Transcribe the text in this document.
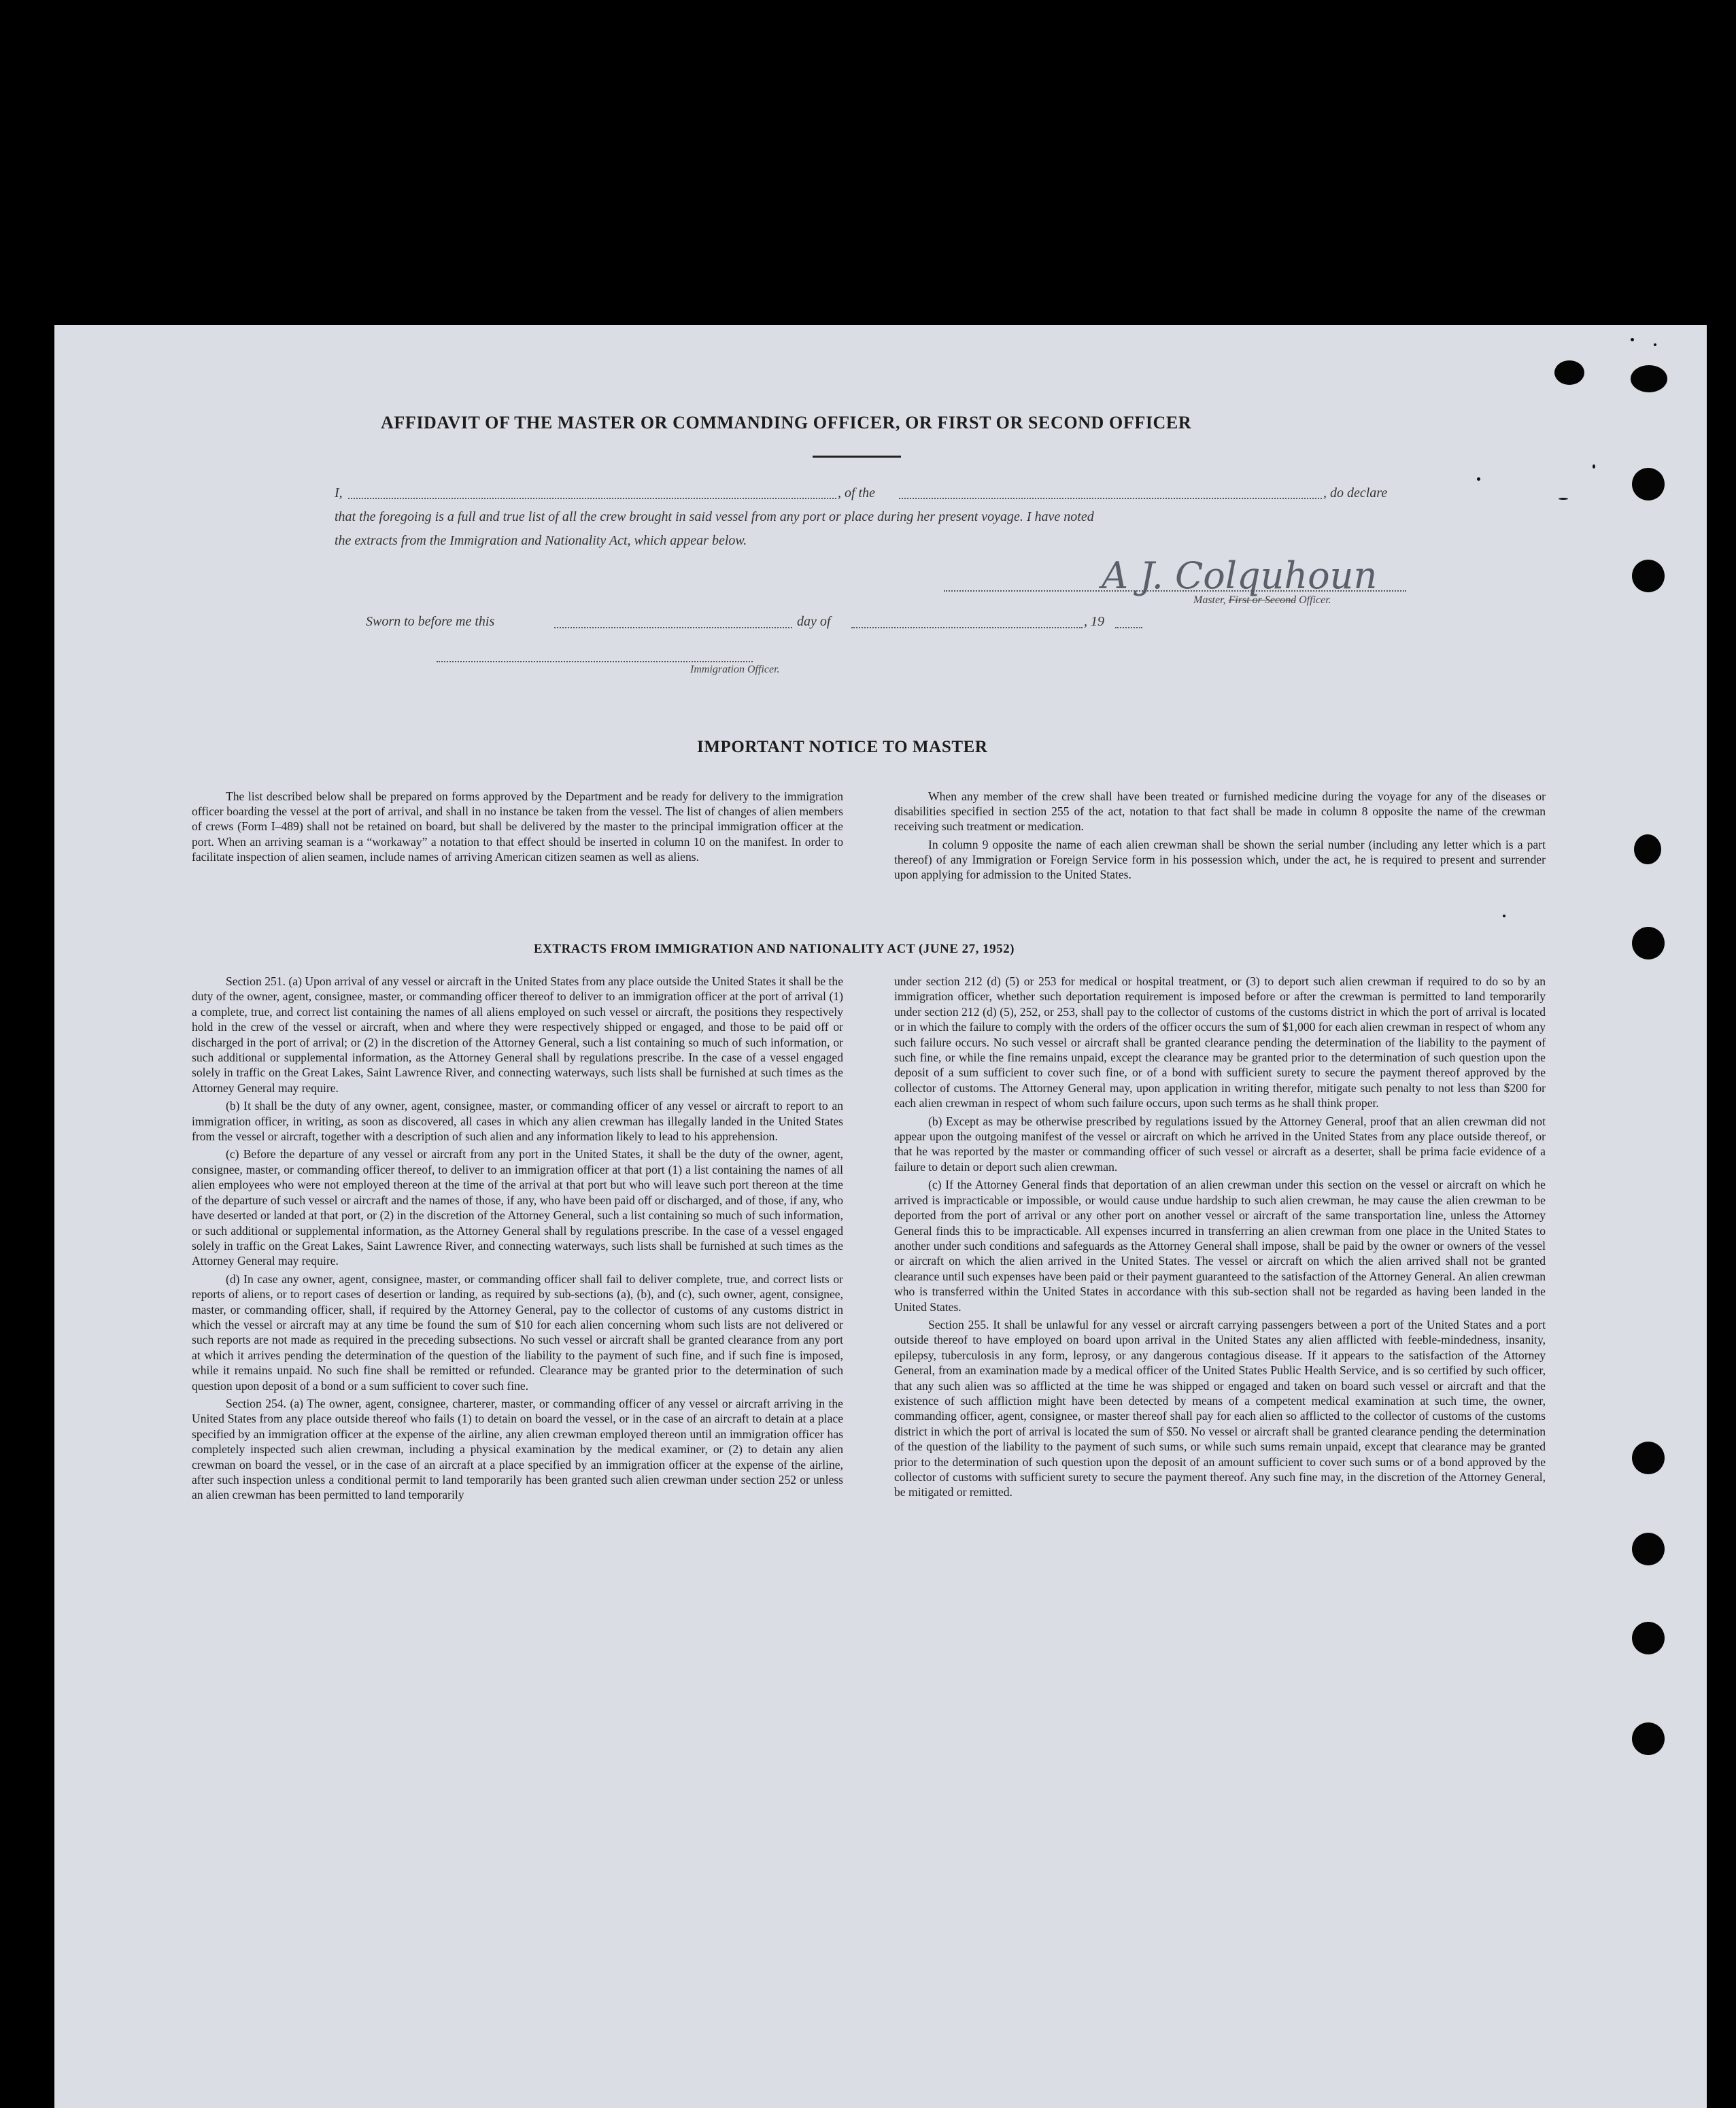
AFFIDAVIT OF THE MASTER OR COMMANDING OFFICER, OR FIRST OR SECOND OFFICER
I,	, of the	, do declare
that the foregoing is a full and true list of all the crew brought in said vessel from any port or place during her present voyage. I have noted
the extracts from the Immigration and Nationality Act, which appear below.
A J. Colquhoun
Master, First or Second Officer.
Sworn to before me this	day of	, 19
Immigration Officer.
IMPORTANT NOTICE TO MASTER

The list described below shall be prepared on forms approved by the Department and be ready for delivery to the immigration officer boarding the vessel at the port of arrival, and shall in no instance be taken from the vessel. The list of changes of alien members of crews (Form I–489) shall not be retained on board, but shall be delivered by the master to the principal immigration officer at the port. When an arriving seaman is a “workaway” a notation to that effect should be inserted in column 10 on the manifest. In order to facilitate inspection of alien seamen, include names of arriving American citizen seamen as well as aliens.

When any member of the crew shall have been treated or furnished medicine during the voyage for any of the diseases or disabilities specified in section 255 of the act, notation to that fact shall be made in column 8 opposite the name of the crewman receiving such treatment or medication.

In column 9 opposite the name of each alien crewman shall be shown the serial number (including any letter which is a part thereof) of any Immigration or Foreign Service form in his possession which, under the act, he is required to present and surrender upon applying for admission to the United States.

EXTRACTS FROM IMMIGRATION AND NATIONALITY ACT (JUNE 27, 1952)

Section 251. (a) Upon arrival of any vessel or aircraft in the United States from any place outside the United States it shall be the duty of the owner, agent, consignee, master, or commanding officer thereof to deliver to an immigration officer at the port of arrival (1) a complete, true, and correct list containing the names of all aliens employed on such vessel or aircraft, the positions they respectively hold in the crew of the vessel or aircraft, when and where they were respectively shipped or engaged, and those to be paid off or discharged in the port of arrival; or (2) in the discretion of the Attorney General, such a list containing so much of such information, or such additional or supplemental information, as the Attorney General shall by regulations prescribe. In the case of a vessel engaged solely in traffic on the Great Lakes, Saint Lawrence River, and connecting waterways, such lists shall be furnished at such times as the Attorney General may require.

(b) It shall be the duty of any owner, agent, consignee, master, or commanding officer of any vessel or aircraft to report to an immigration officer, in writing, as soon as discovered, all cases in which any alien crewman has illegally landed in the United States from the vessel or aircraft, together with a description of such alien and any information likely to lead to his apprehension.

(c) Before the departure of any vessel or aircraft from any port in the United States, it shall be the duty of the owner, agent, consignee, master, or commanding officer thereof, to deliver to an immigration officer at that port (1) a list containing the names of all alien employees who were not employed thereon at the time of the arrival at that port but who will leave such port thereon at the time of the departure of such vessel or aircraft and the names of those, if any, who have been paid off or discharged, and of those, if any, who have deserted or landed at that port, or (2) in the discretion of the Attorney General, such a list containing so much of such information, or such additional or supplemental information, as the Attorney General shall by regulations prescribe. In the case of a vessel engaged solely in traffic on the Great Lakes, Saint Lawrence River, and connecting waterways, such lists shall be furnished at such times as the Attorney General may require.

(d) In case any owner, agent, consignee, master, or commanding officer shall fail to deliver complete, true, and correct lists or reports of aliens, or to report cases of desertion or landing, as required by sub-sections (a), (b), and (c), such owner, agent, consignee, master, or commanding officer, shall, if required by the Attorney General, pay to the collector of customs of any customs district in which the vessel or aircraft may at any time be found the sum of $10 for each alien concerning whom such lists are not delivered or such reports are not made as required in the preceding subsections. No such vessel or aircraft shall be granted clearance from any port at which it arrives pending the determination of the question of the liability to the payment of such fine, and if such fine is imposed, while it remains unpaid. No such fine shall be remitted or refunded. Clearance may be granted prior to the determination of such question upon deposit of a bond or a sum sufficient to cover such fine.

Section 254. (a) The owner, agent, consignee, charterer, master, or commanding officer of any vessel or aircraft arriving in the United States from any place outside thereof who fails (1) to detain on board the vessel, or in the case of an aircraft to detain at a place specified by an immigration officer at the expense of the airline, any alien crewman employed thereon until an immigration officer has completely inspected such alien crewman, including a physical examination by the medical examiner, or (2) to detain any alien crewman on board the vessel, or in the case of an aircraft at a place specified by an immigration officer at the expense of the airline, after such inspection unless a conditional permit to land temporarily has been granted such alien crewman under section 252 or unless an alien crewman has been permitted to land temporarily

under section 212 (d) (5) or 253 for medical or hospital treatment, or (3) to deport such alien crewman if required to do so by an immigration officer, whether such deportation requirement is imposed before or after the crewman is permitted to land temporarily under section 212 (d) (5), 252, or 253, shall pay to the collector of customs of the customs district in which the port of arrival is located or in which the failure to comply with the orders of the officer occurs the sum of $1,000 for each alien crewman in respect of whom any such failure occurs. No such vessel or aircraft shall be granted clearance pending the determination of the liability to the payment of such fine, or while the fine remains unpaid, except the clearance may be granted prior to the determination of such question upon the deposit of a sum sufficient to cover such fine, or of a bond with sufficient surety to secure the payment thereof approved by the collector of customs. The Attorney General may, upon application in writing therefor, mitigate such penalty to not less than $200 for each alien crewman in respect of whom such failure occurs, upon such terms as he shall think proper.

(b) Except as may be otherwise prescribed by regulations issued by the Attorney General, proof that an alien crewman did not appear upon the outgoing manifest of the vessel or aircraft on which he arrived in the United States from any place outside thereof, or that he was reported by the master or commanding officer of such vessel or aircraft as a deserter, shall be prima facie evidence of a failure to detain or deport such alien crewman.

(c) If the Attorney General finds that deportation of an alien crewman under this section on the vessel or aircraft on which he arrived is impracticable or impossible, or would cause undue hardship to such alien crewman, he may cause the alien crewman to be deported from the port of arrival or any other port on another vessel or aircraft of the same transportation line, unless the Attorney General finds this to be impracticable. All expenses incurred in transferring an alien crewman from one place in the United States to another under such conditions and safeguards as the Attorney General shall impose, shall be paid by the owner or owners of the vessel or aircraft on which the alien arrived in the United States. The vessel or aircraft on which the alien arrived shall not be granted clearance until such expenses have been paid or their payment guaranteed to the satisfaction of the Attorney General. An alien crewman who is transferred within the United States in accordance with this sub-section shall not be regarded as having been landed in the United States.

Section 255. It shall be unlawful for any vessel or aircraft carrying passengers between a port of the United States and a port outside thereof to have employed on board upon arrival in the United States any alien afflicted with feeble-mindedness, insanity, epilepsy, tuberculosis in any form, leprosy, or any dangerous contagious disease. If it appears to the satisfaction of the Attorney General, from an examination made by a medical officer of the United States Public Health Service, and is so certified by such officer, that any such alien was so afflicted at the time he was shipped or engaged and taken on board such vessel or aircraft and that the existence of such affliction might have been detected by means of a competent medical examination at such time, the owner, commanding officer, agent, consignee, or master thereof shall pay for each alien so afflicted to the collector of customs of the customs district in which the port of arrival is located the sum of $50. No vessel or aircraft shall be granted clearance pending the determination of the question of the liability to the payment of such sums, or while such sums remain unpaid, except that clearance may be granted prior to the determination of such question upon the deposit of an amount sufficient to cover such sums or of a bond approved by the collector of customs with sufficient surety to secure the payment thereof. Any such fine may, in the discretion of the Attorney General, be mitigated or remitted.
